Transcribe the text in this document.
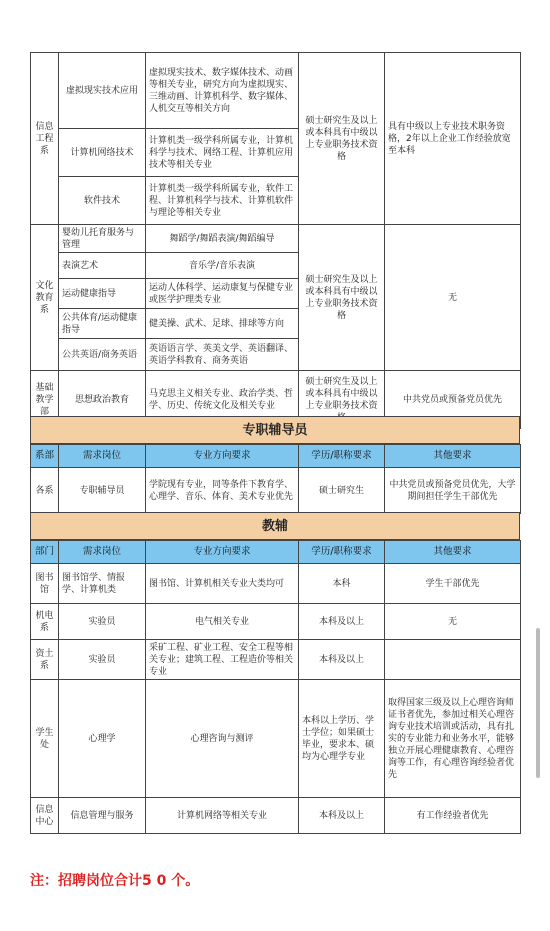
信息工程系	虚拟现实技术应用	虚拟现实技术、数字媒体技术、动画等相关专业，研究方向为虚拟现实、三维动画、计算机科学、数字媒体、人机交互等相关方向	硕士研究生及以上或本科具有中级以上专业职务技术资格	具有中级以上专业技术职务资格，2年以上企业工作经验放宽至本科
	计算机网络技术	计算机类一级学科所属专业，计算机科学与技术、网络工程、计算机应用技术等相关专业		
	软件技术	计算机类一级学科所属专业，软件工程、计算机科学与技术、计算机软件与理论等相关专业		
文化教育系	婴幼儿托育服务与管理	舞蹈学/舞蹈表演/舞蹈编导	硕士研究生及以上或本科具有中级以上专业职务技术资格	无
	表演艺术	音乐学/音乐表演		
	运动健康指导	运动人体科学、运动康复与保健专业或医学护理类专业		
	公共体育/运动健康指导	健美操、武术、足球、排球等方向		
	公共英语/商务英语	英语语言学、英美文学、英语翻译、英语学科教育、商务英语		
基础教学部	思想政治教育	马克思主义相关专业、政治学类、哲学、历史、传统文化及相关专业	硕士研究生及以上或本科具有中级以上专业职务技术资	中共党员或预备党员优先
专职辅导员
系部	需求岗位	专业方向要求	学历/职称要求	其他要求
各系	专职辅导员	学院现有专业，同等条件下教育学、心理学、音乐、体育、美术专业优先	硕士研究生	中共党员或预备党员优先，大学期间担任学生干部优先
教辅
部门	需求岗位	专业方向要求	学历/职称要求	其他要求
图书馆	图书馆学、情报学、计算机类	图书馆、计算机相关专业大类均可	本科	学生干部优先
机电系	实验员	电气相关专业	本科及以上	无
资土系	实验员	采矿工程、矿业工程、安全工程等相关专业；建筑工程、工程造价等相关专业	本科及以上	
学生处	心理学	心理咨询与测评	本科以上学历、学士学位；如果硕士毕业，要求本、硕均为心理学专业	取得国家三级及以上心理咨询师证书者优先，参加过相关心理咨询专业技术培训或活动，具有扎实的专业能力和业务水平，能够独立开展心理健康教育、心理咨询等工作，有心理咨询经验者优先
信息中心	信息管理与服务	计算机网络等相关专业	本科及以上	有工作经验者优先
注：招聘岗位合计5 0 个。
